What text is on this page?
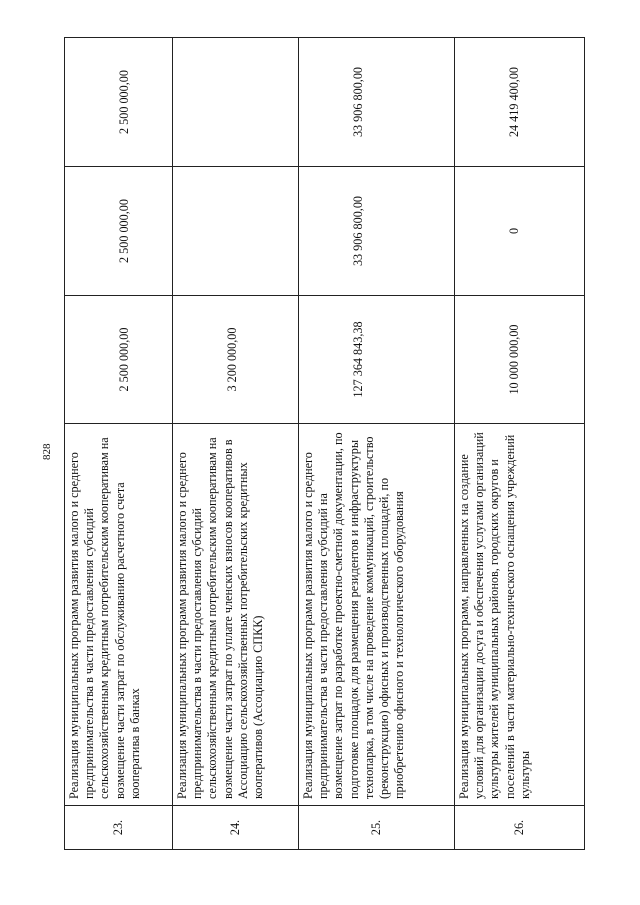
828
23.	Реализация муниципальных программ развития малого и среднего предпринимательства в части предоставления субсидий сельскохозяйственным кредитным потребительским кооперативам на возмещение части затрат по обслуживанию расчетного счета кооператива в банках	2 500 000,00	2 500 000,00	2 500 000,00
24.	Реализация муниципальных программ развития малого и среднего предпринимательства в части предоставления субсидий сельскохозяйственным кредитным потребительским кооперативам на возмещение части затрат по уплате членских взносов кооперативов в Ассоциацию сельскохозяйственных потребительских кредитных кооперативов (Ассоциацию СПКК)	3 200 000,00		
25.	Реализация муниципальных программ развития малого и среднего предпринимательства в части предоставления субсидий на возмещение затрат по разработке проектно-сметной документации, по подготовке площадок для размещения резидентов и инфраструктуры технопарка, в том числе на проведение коммуникаций, строительство (реконструкцию) офисных и производственных площадей, по приобретению офисного и технологического оборудования	127 364 843,38	33 906 800,00	33 906 800,00
26.	Реализация муниципальных программ, направленных на создание условий для организации досуга и обеспечения услугами организаций культуры жителей муниципальных районов, городских округов и поселений в части материально-технического оснащения учреждений культуры	10 000 000,00	0	24 419 400,00
